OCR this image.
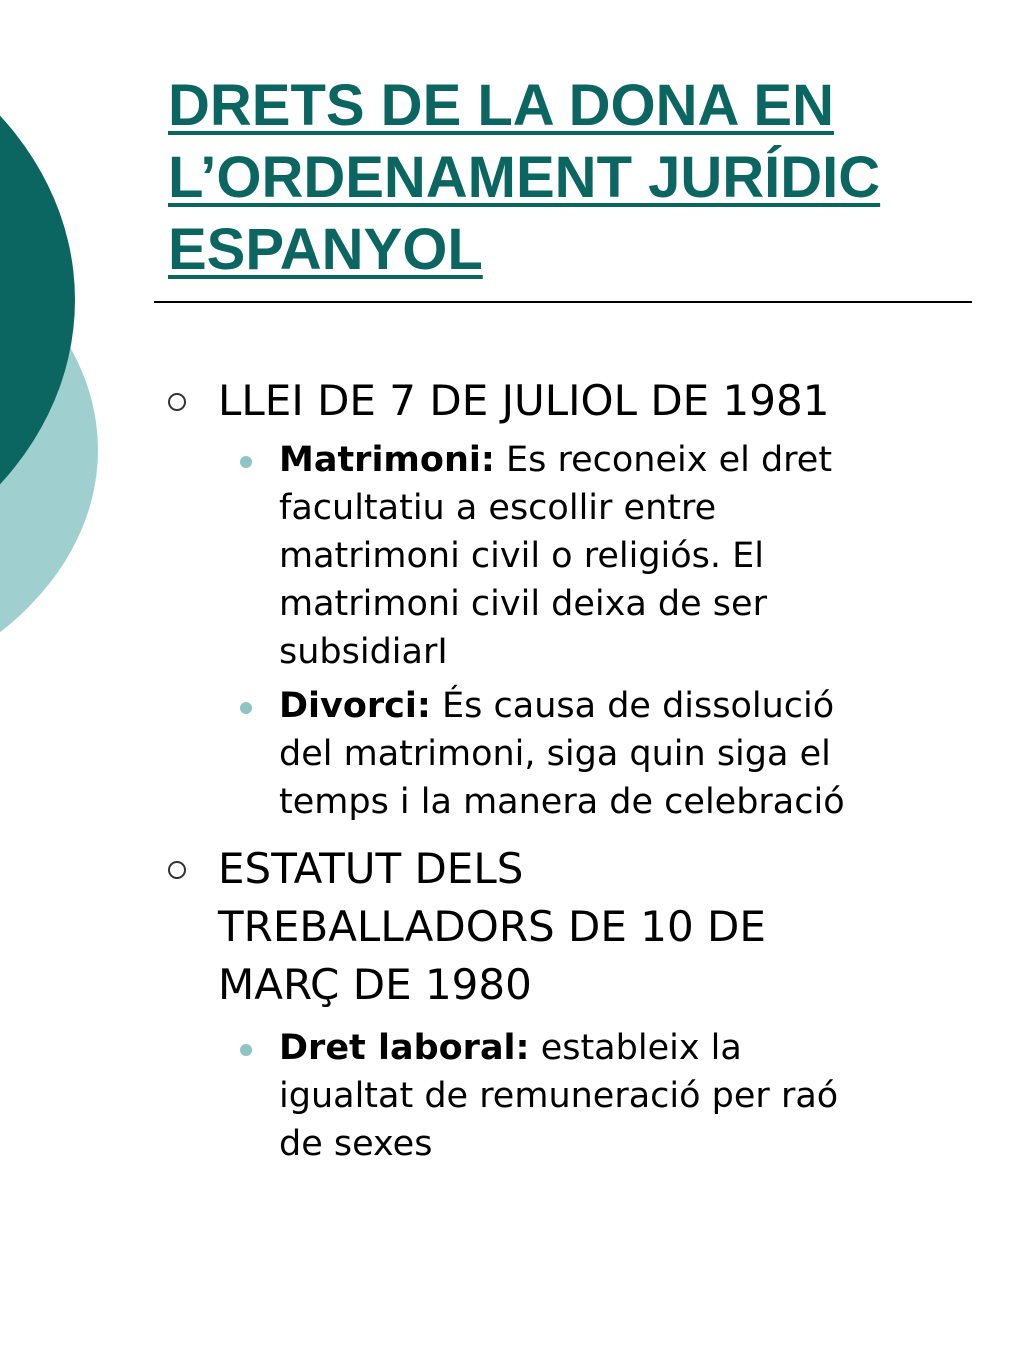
DRETS DE LA DONA EN
L’ORDENAMENT JURÍDIC
ESPANYOL
LLEI DE 7 DE JULIOL DE 1981
Matrimoni: Es reconeix el dret
facultatiu a escollir entre
matrimoni civil o religiós. El
matrimoni civil deixa de ser
subsidiarI
Divorci: És causa de dissolució
del matrimoni, siga quin siga el
temps i la manera de celebració
ESTATUT DELS
TREBALLADORS DE 10 DE
MARÇ DE 1980
Dret laboral: estableix la
igualtat de remuneració per raó
de sexes
